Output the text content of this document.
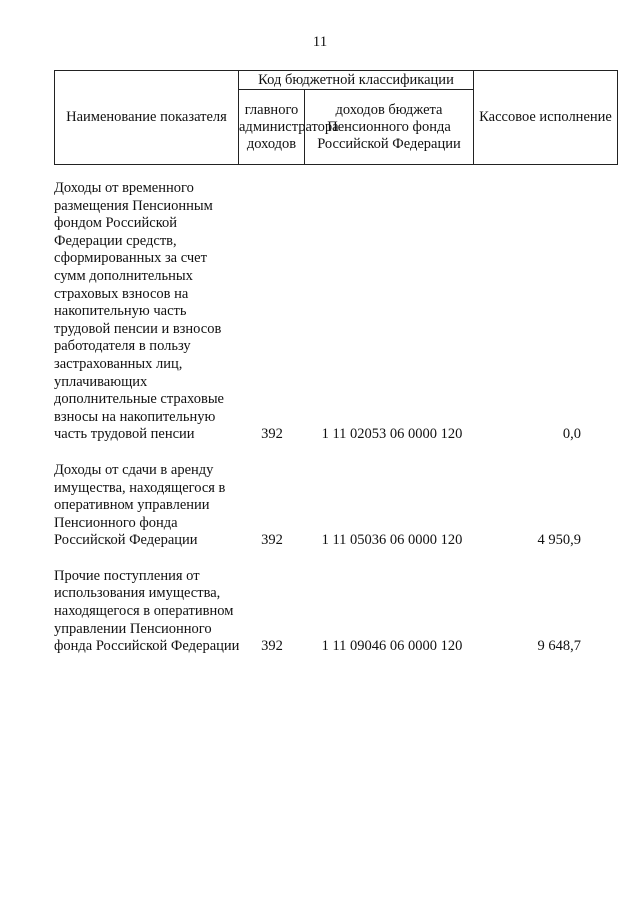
11
Наименование показателя	Код бюджетной классификации		Кассовое исполнение
	главного администратора доходов	доходов бюджета Пенсионного фонда Российской Федерации	
Доходы от временного размещения Пенсионным фондом Российской Федерации средств, сформированных за счет сумм дополнительных страховых взносов на накопительную часть трудовой пенсии и взносов работодателя в пользу застрахованных лиц, уплачивающих дополнительные страховые взносы на накопительную часть трудовой пенсии	392	1 11 02053 06 0000 120	0,0
Доходы от сдачи в аренду имущества, находящегося в оперативном управлении Пенсионного фонда Российской Федерации	392	1 11 05036 06 0000 120	4 950,9
Прочие поступления от использования имущества, находящегося в оперативном управлении Пенсионного фонда Российской Федерации	392	1 11 09046 06 0000 120	9 648,7
